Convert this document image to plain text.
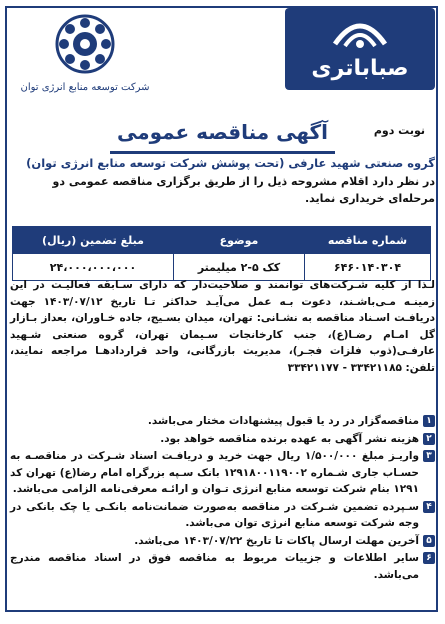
صباباتری
شرکت توسعه منابع انرژی توان
نوبت دوم
آگهی مناقصه عمومی
گروه صنعتی شهید عارفی (تحت پوشش شرکت توسعه منابع انرژی توان)
در نظر دارد اقلام مشروحه ذیل را از طریق برگزاری مناقصه عمومی دو مرحله‌ای خریداری نماید.
شماره مناقصه	موضوع	مبلغ تضمین (ریال)
۶۴۶۰۱۴۰۳۰۴	کک ۵-۲ میلیمتر	۲۴،۰۰۰،۰۰۰،۰۰۰
لـذا از کلیه شـرکت‌های توانمند و صلاحیت‌دار که دارای سـابقه فعالیـت در این زمینـه مـی‌باشـند، دعوت بـه عمل می‌آیـد حداکثر تـا تاریخ ۱۴۰۳/۰۷/۱۲ جهت دریافـت اسـناد مناقصه به نشـانی: تهران، میدان بسـیج، جاده خـاوران، بعداز بـازار گل امـام رضـا(ع)، جنب کارخانجات سـیمان تهران، گروه صنعتی شـهید عارفـی(ذوب فلزات فجـر)، مدیریت بازرگانی، واحد قراردادهـا مراجعه نمایند، تلفن: ۳۳۴۲۱۱۸۵ - ۳۳۴۲۱۱۷۷
۱
مناقصه‌گزار در رد یا قبول پیشنهادات مختار می‌باشد.
۲
هزینه نشر آگهی به عهده برنده مناقصه خواهد بود.
۳
واریـز مبلغ ۱/۵۰۰/۰۰۰ ریال جهت خرید و دریافـت اسناد شـرکت در مناقصـه به حسـاب جاری شـماره ۱۲۹۱۸۰۰۱۱۹۰۰۲ بانک سـپه بزرگراه امام رضا(ع) تهران کد ۱۲۹۱ بنام شرکت توسعه منابع انرژی تـوان و ارائـه معرفی‌نامه الزامی می‌باشد.
۴
سـپرده تضمین شـرکت در مناقصه به‌صورت ضمانت‌نامه بانکـی یا چک بانکی در وجه شرکت توسعه منابع انرژی توان می‌باشد.
۵
آخرین مهلت ارسال پاکات تا تاریخ ۱۴۰۳/۰۷/۲۲ می‌باشد.
۶
سایر اطلاعات و جزییات مربوط به مناقصه فوق در اسناد مناقصه مندرج می‌باشد.
